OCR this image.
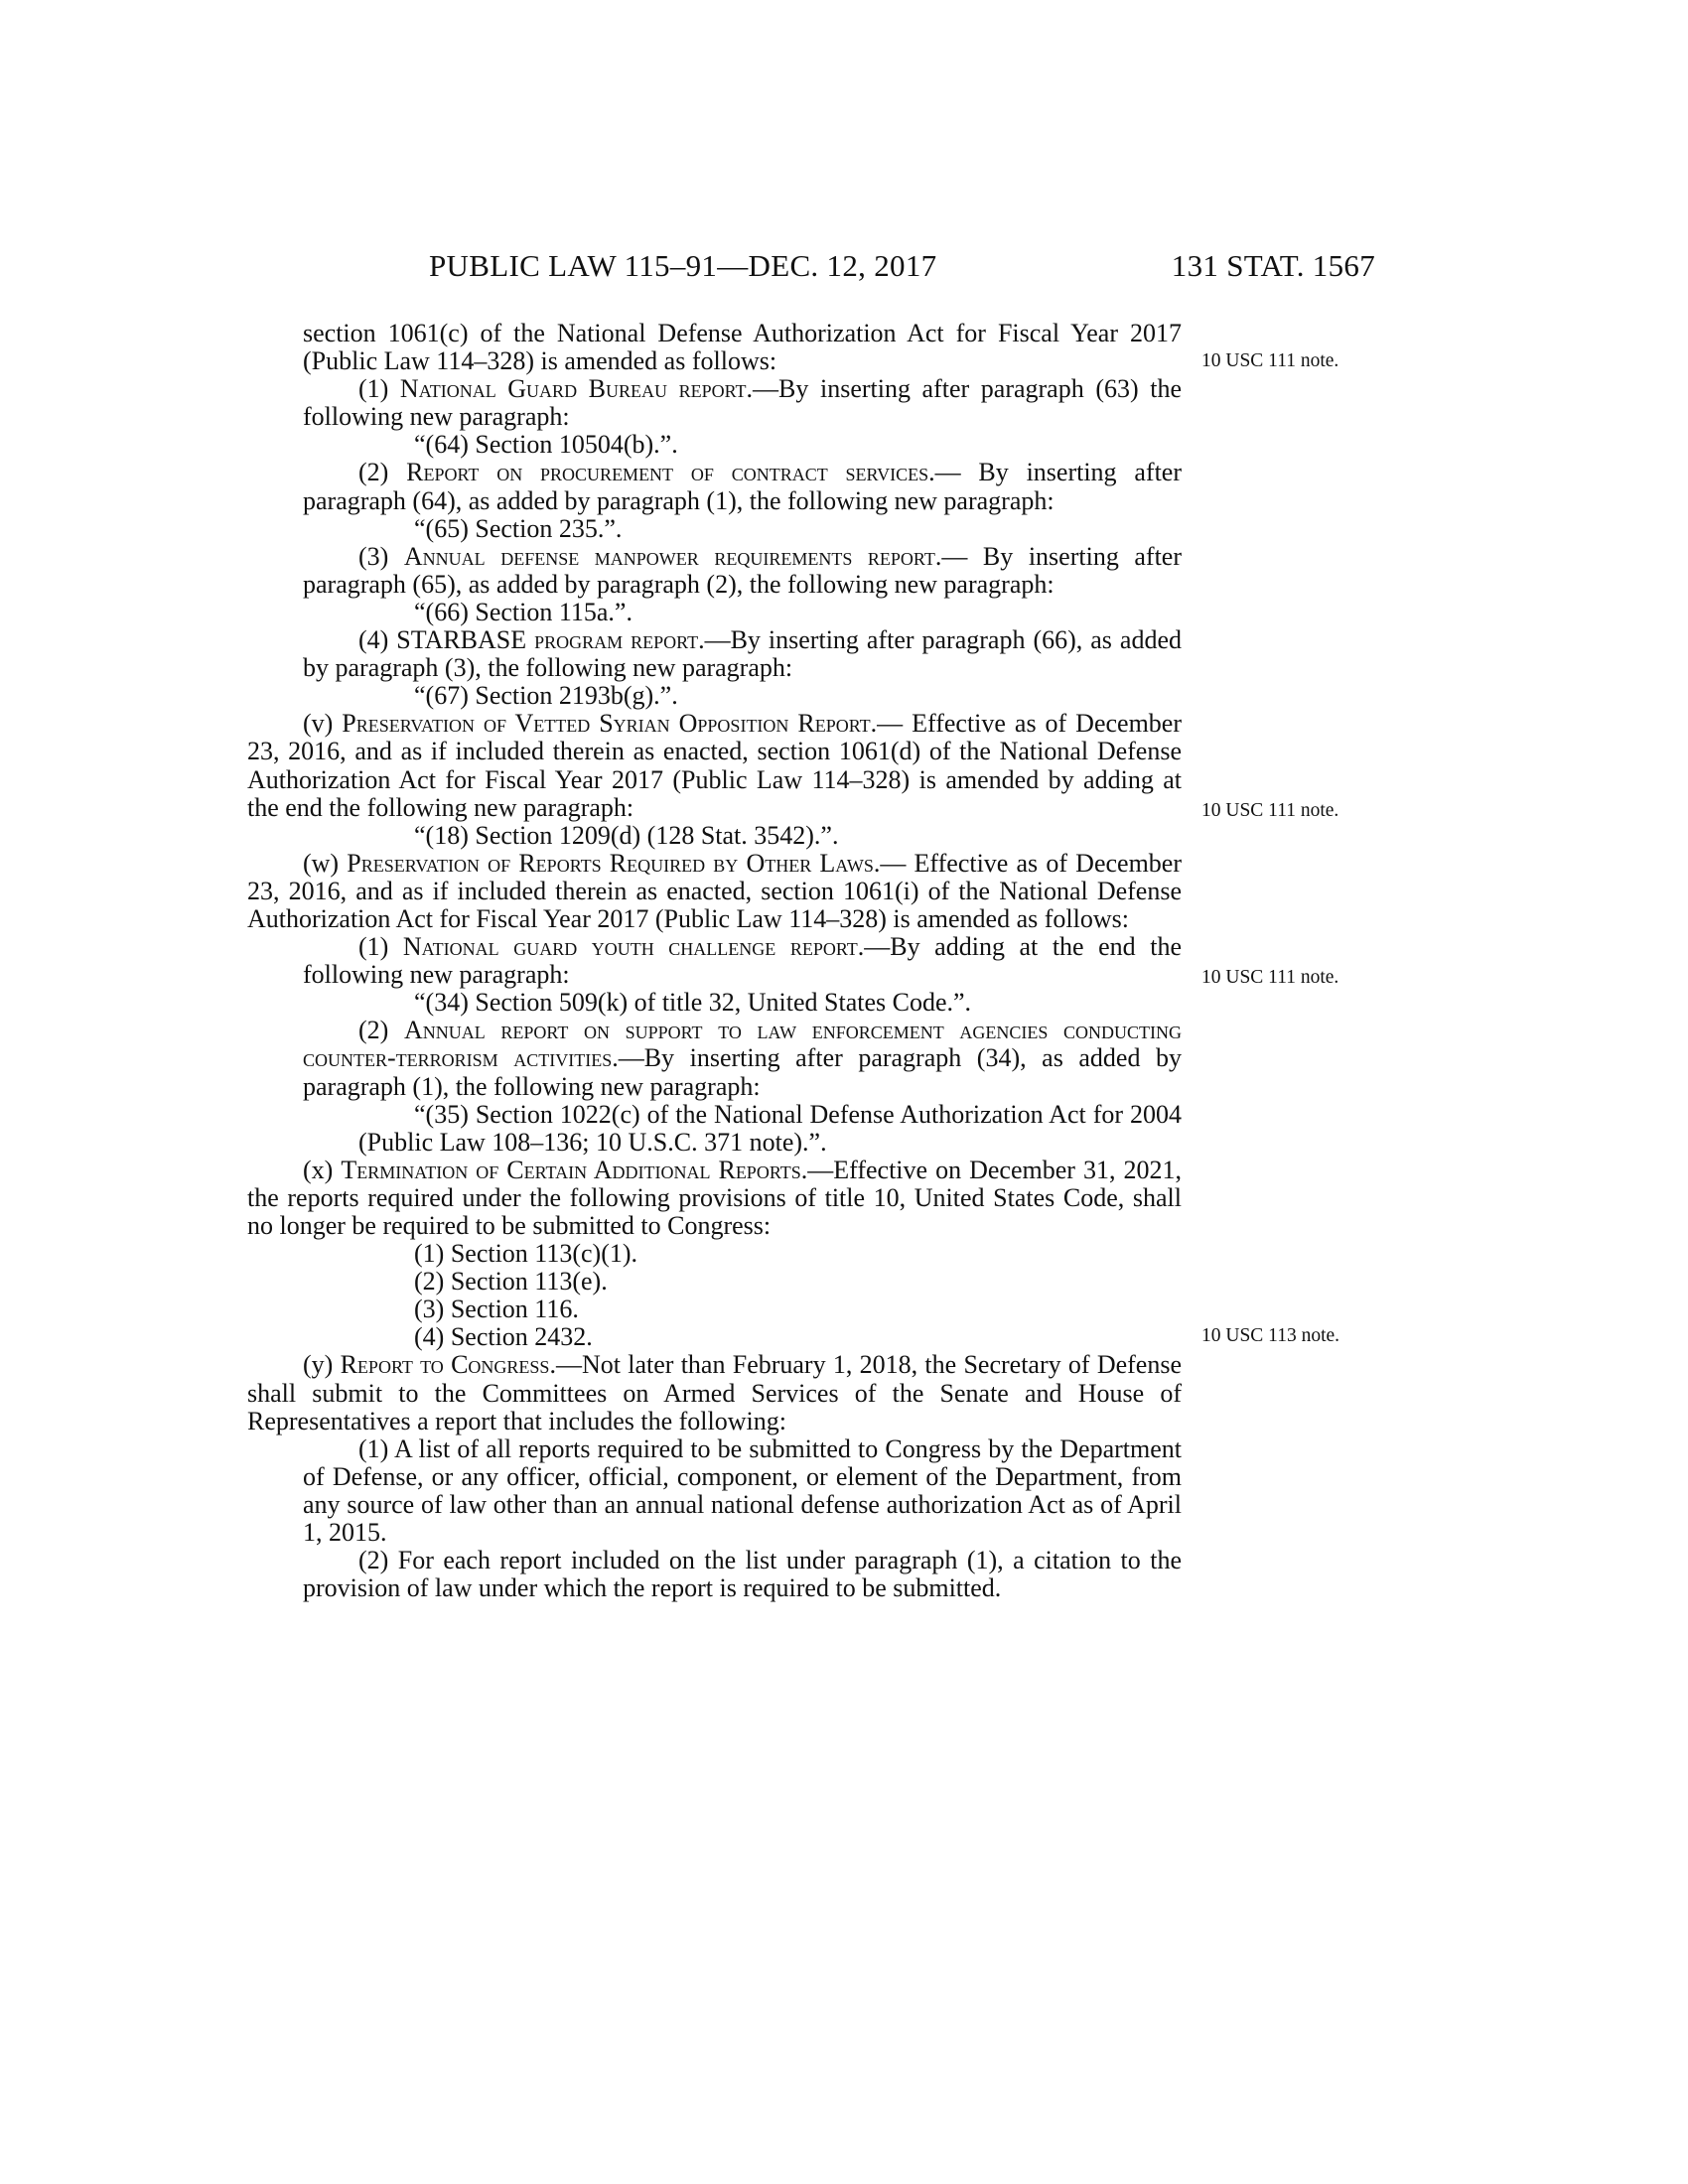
PUBLIC LAW 115–91—DEC. 12, 2017	131 STAT. 1567

section 1061(c) of the National Defense Authorization Act for Fiscal Year 2017 (Public Law 114–328) is amended as follows:

(1) National Guard Bureau report.—By inserting after paragraph (63) the following new paragraph:

“(64) Section 10504(b).”.

(2) Report on procurement of contract services.— By inserting after paragraph (64), as added by paragraph (1), the following new paragraph:

“(65) Section 235.”.

(3) Annual defense manpower requirements report.— By inserting after paragraph (65), as added by paragraph (2), the following new paragraph:

“(66) Section 115a.”.

(4) STARBASE program report.—By inserting after paragraph (66), as added by paragraph (3), the following new paragraph:

“(67) Section 2193b(g).”.

(v) Preservation of Vetted Syrian Opposition Report.— Effective as of December 23, 2016, and as if included therein as enacted, section 1061(d) of the National Defense Authorization Act for Fiscal Year 2017 (Public Law 114–328) is amended by adding at the end the following new paragraph:

“(18) Section 1209(d) (128 Stat. 3542).”.

(w) Preservation of Reports Required by Other Laws.— Effective as of December 23, 2016, and as if included therein as enacted, section 1061(i) of the National Defense Authorization Act for Fiscal Year 2017 (Public Law 114–328) is amended as follows:

(1) National guard youth challenge report.—By adding at the end the following new paragraph:

“(34) Section 509(k) of title 32, United States Code.”.

(2) Annual report on support to law enforcement agencies conducting counter-terrorism activities.—By inserting after paragraph (34), as added by paragraph (1), the following new paragraph:

“(35) Section 1022(c) of the National Defense Authorization Act for 2004 (Public Law 108–136; 10 U.S.C. 371 note).”.

(x) Termination of Certain Additional Reports.—Effective on December 31, 2021, the reports required under the following provisions of title 10, United States Code, shall no longer be required to be submitted to Congress:

(1) Section 113(c)(1).

(2) Section 113(e).

(3) Section 116.

(4) Section 2432.

(y) Report to Congress.—Not later than February 1, 2018, the Secretary of Defense shall submit to the Committees on Armed Services of the Senate and House of Representatives a report that includes the following:

(1) A list of all reports required to be submitted to Congress by the Department of Defense, or any officer, official, component, or element of the Department, from any source of law other than an annual national defense authorization Act as of April 1, 2015.

(2) For each report included on the list under paragraph (1), a citation to the provision of law under which the report is required to be submitted.

10 USC 111 note.
10 USC 111 note.
10 USC 111 note.
10 USC 113 note.
